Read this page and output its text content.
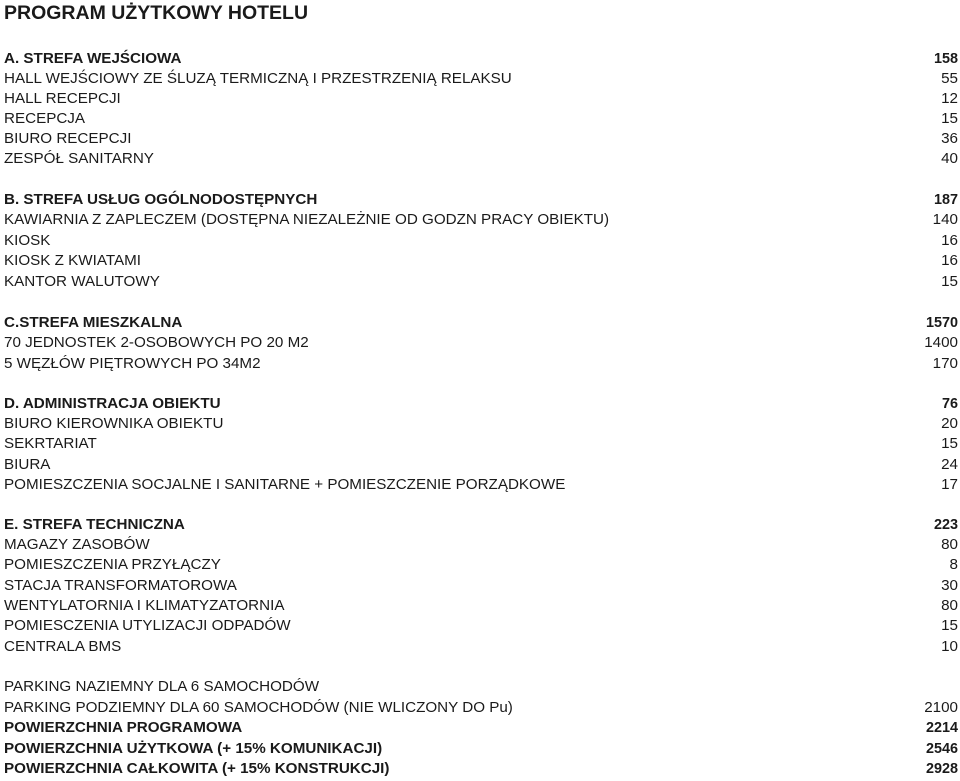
PROGRAM UŻYTKOWY HOTELU
A. STREFA WEJŚCIOWA	158
HALL WEJŚCIOWY ZE ŚLUZĄ TERMICZNĄ I PRZESTRZENIĄ RELAKSU	55
HALL RECEPCJI	12
RECEPCJA	15
BIURO RECEPCJI	36
ZESPÓŁ SANITARNY	40
B. STREFA USŁUG OGÓLNODOSTĘPNYCH	187
KAWIARNIA Z ZAPLECZEM (DOSTĘPNA NIEZALEŻNIE OD GODZN PRACY OBIEKTU)	140
KIOSK	16
KIOSK Z KWIATAMI	16
KANTOR WALUTOWY	15
C.STREFA MIESZKALNA	1570
70 JEDNOSTEK 2-OSOBOWYCH PO 20 M2	1400
5 WĘZŁÓW PIĘTROWYCH PO 34M2	170
D. ADMINISTRACJA OBIEKTU	76
BIURO KIEROWNIKA OBIEKTU	20
SEKRTARIAT	15
BIURA	24
POMIESZCZENIA SOCJALNE I SANITARNE + POMIESZCZENIE PORZĄDKOWE	17
E. STREFA TECHNICZNA	223
MAGAZY ZASOBÓW	80
POMIESZCZENIA PRZYŁĄCZY	8
STACJA TRANSFORMATOROWA	30
WENTYLATORNIA I KLIMATYZATORNIA	80
POMIESCZENIA UTYLIZACJI ODPADÓW	15
CENTRALA BMS	10
PARKING NAZIEMNY DLA 6 SAMOCHODÓW
PARKING PODZIEMNY DLA 60 SAMOCHODÓW (NIE WLICZONY DO Pu)	2100
POWIERZCHNIA PROGRAMOWA	2214
POWIERZCHNIA UŻYTKOWA (+ 15% KOMUNIKACJI)	2546
POWIERZCHNIA CAŁKOWITA (+ 15% KONSTRUKCJI)	2928
